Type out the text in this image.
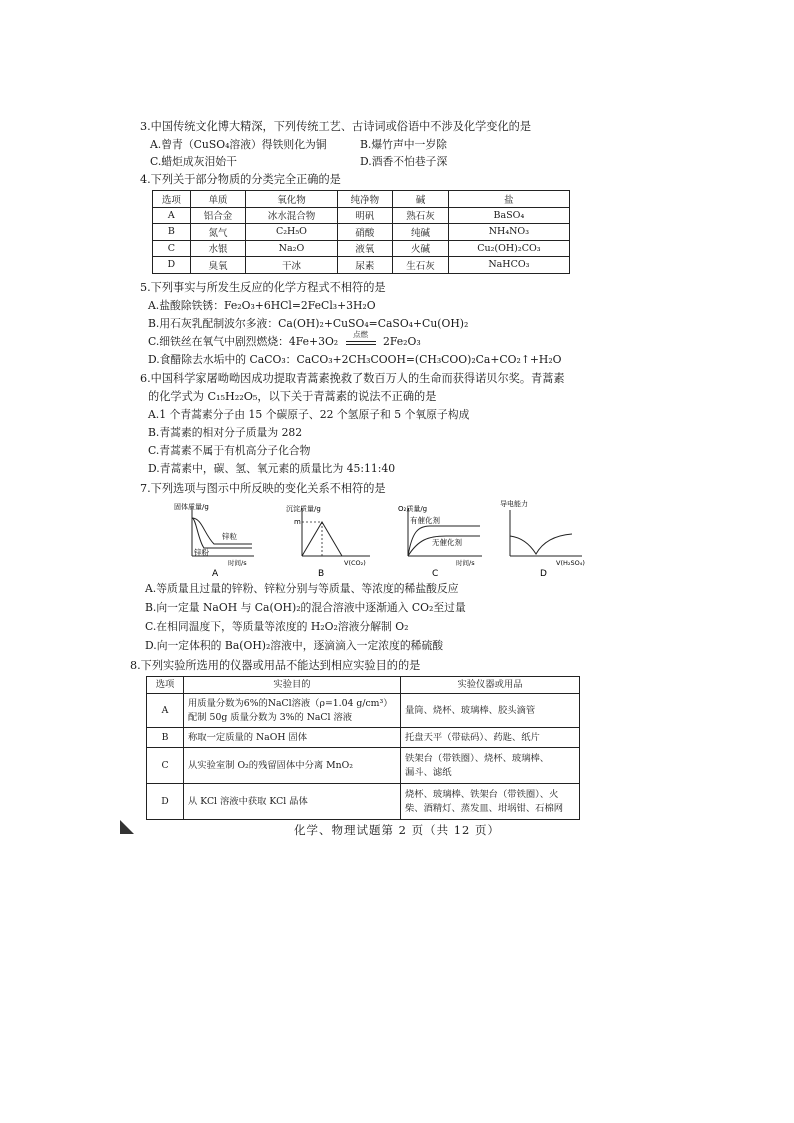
3.中国传统文化博大精深，下列传统工艺、古诗词或俗语中不涉及化学变化的是
A.曾青（CuSO₄溶液）得铁则化为铜	B.爆竹声中一岁除
C.蜡炬成灰泪始干	D.酒香不怕巷子深
4.下列关于部分物质的分类完全正确的是
选项	单质	氧化物	纯净物	碱	盐
A	铝合金	冰水混合物	明矾	熟石灰	BaSO₄
B	氮气	C₂H₅O	硝酸	纯碱	NH₄NO₃
C	水银	Na₂O	液氧	火碱	Cu₂(OH)₂CO₃
D	臭氧	干冰	尿素	生石灰	NaHCO₃
5.下列事实与所发生反应的化学方程式不相符的是
A.盐酸除铁锈：Fe₂O₃+6HCl=2FeCl₃+3H₂O
B.用石灰乳配制波尔多液：Ca(OH)₂+CuSO₄=CaSO₄+Cu(OH)₂
C.细铁丝在氧气中剧烈燃烧：4Fe+3O₂
点燃
2Fe₂O₃
D.食醋除去水垢中的 CaCO₃：CaCO₃+2CH₃COOH=(CH₃COO)₂Ca+CO₂↑+H₂O
6.中国科学家屠呦呦因成功提取青蒿素挽救了数百万人的生命而获得诺贝尔奖。青蒿素
的化学式为 C₁₅H₂₂O₅，以下关于青蒿素的说法不正确的是
A.1 个青蒿素分子由 15 个碳原子、22 个氢原子和 5 个氧原子构成
B.青蒿素的相对分子质量为 282
C.青蒿素不属于有机高分子化合物
D.青蒿素中，碳、氢、氧元素的质量比为 45:11:40
7.下列选项与图示中所反映的变化关系不相符的是
固体质量/g
时间/s
锌粒
锌粉
A
沉淀质量/g
V(CO₂)
m
B
O₂质量/g
时间/s
有催化剂
无催化剂
C
导电能力
V(H₂SO₄)
D
A.等质量且过量的锌粉、锌粒分别与等质量、等浓度的稀盐酸反应
B.向一定量 NaOH 与 Ca(OH)₂的混合溶液中逐渐通入 CO₂至过量
C.在相同温度下，等质量等浓度的 H₂O₂溶液分解制 O₂
D.向一定体积的 Ba(OH)₂溶液中，逐滴滴入一定浓度的稀硫酸
8.下列实验所选用的仪器或用品不能达到相应实验目的的是
选项	实验目的	实验仪器或用品
A	用质量分数为6%的NaCl溶液（ρ=1.04 g/cm³）
配制 50g 质量分数为 3%的 NaCl 溶液	量筒、烧杯、玻璃棒、胶头滴管

B	称取一定质量的 NaOH 固体	托盘天平（带砝码）、药匙、纸片
C	从实验室制 O₂的残留固体中分离 MnO₂	铁架台（带铁圈）、烧杯、玻璃棒、
漏斗、滤纸

D	从 KCl 溶液中获取 KCl 晶体	烧杯、玻璃棒、铁架台（带铁圈）、火
柴、酒精灯、蒸发皿、坩埚钳、石棉网
化学、物理试题第 2 页（共 12 页）
